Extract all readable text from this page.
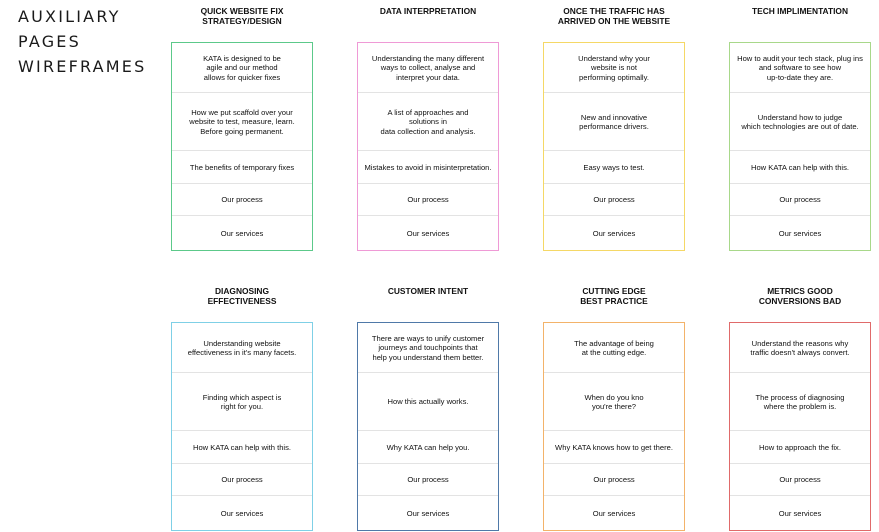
AUXILIARY
PAGES
WIREFRAMES
QUICK WEBSITE FIX
STRATEGY/DESIGN
KATA is designed to be
agile and our method
allows for quicker fixes
How we put scaffold over your
website to test, measure, learn.
Before going permanent.
The benefits of temporary fixes
Our process
Our services
DATA INTERPRETATION
Understanding the many different
ways to collect, analyse and
interpret your data.
A list of approaches and
solutions in
data collection and analysis.
Mistakes to avoid in misinterpretation.
Our process
Our services
ONCE THE TRAFFIC HAS
ARRIVED ON THE WEBSITE
Understand why your
website is not
performing optimally.
New and innovative
performance drivers.
Easy ways to test.
Our process
Our services
TECH IMPLIMENTATION
How to audit your tech stack, plug ins
and software to see how
up-to-date they are.
Understand how to judge
which technologies are out of date.
How KATA can help with this.
Our process
Our services
DIAGNOSING
EFFECTIVENESS
Understanding website
effectiveness in it's many facets.
Finding which aspect is
right for you.
How KATA can help with this.
Our process
Our services
CUSTOMER INTENT
There are ways to unify customer
journeys and touchpoints that
help you understand them better.
How this actually works.
Why KATA can help you.
Our process
Our services
CUTTING EDGE
BEST PRACTICE
The advantage of being
at the cutting edge.
When do you kno
you're there?
Why KATA knows how to get there.
Our process
Our services
METRICS GOOD
CONVERSIONS BAD
Understand the reasons why
traffic doesn't always convert.
The process of diagnosing
where the problem is.
How to approach the fix.
Our process
Our services
